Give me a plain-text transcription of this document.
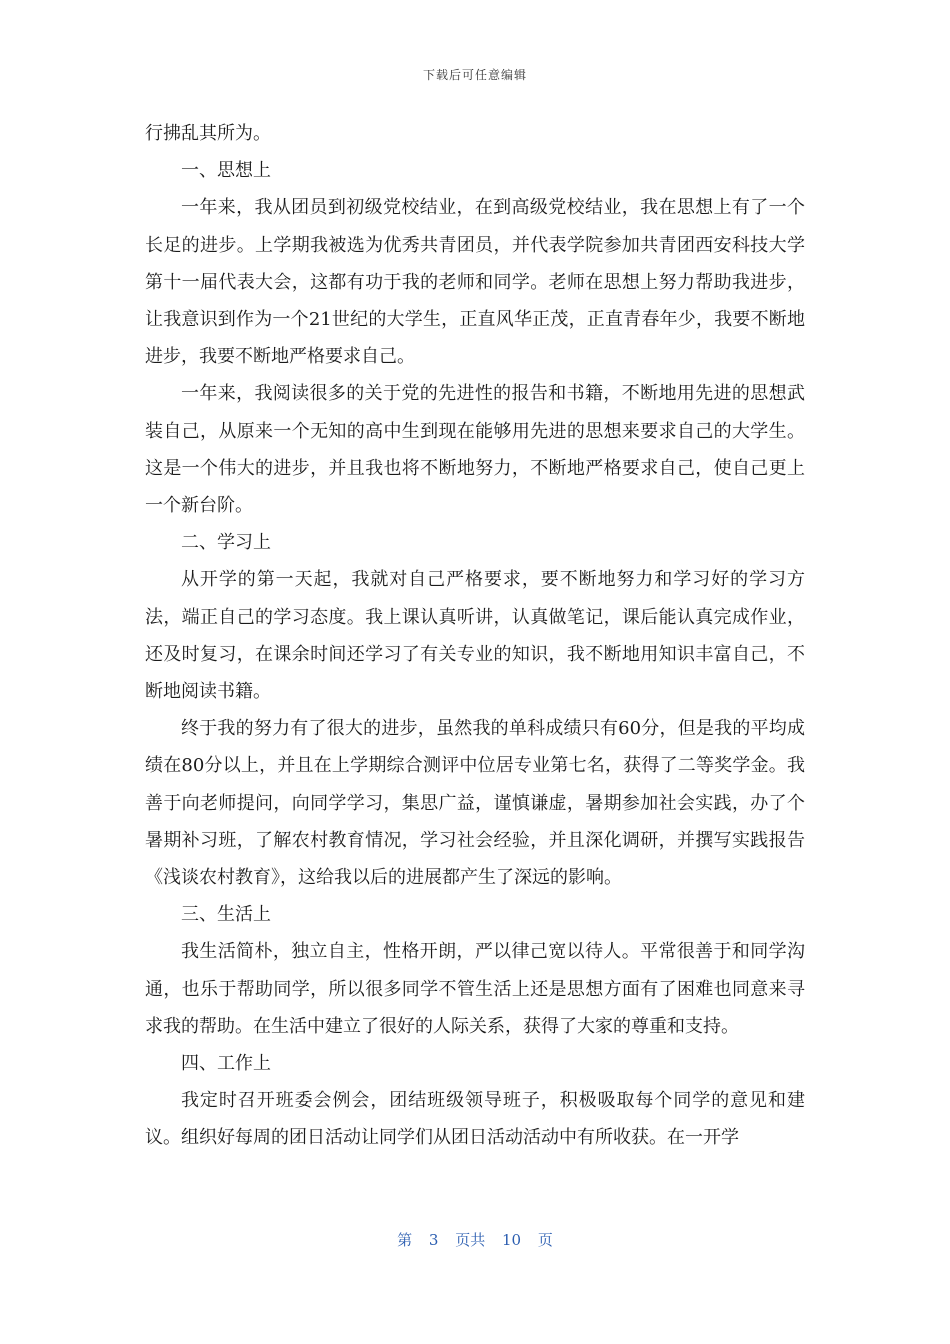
下载后可任意编辑

行拂乱其所为。

一、思想上

一年来，我从团员到初级党校结业，在到高级党校结业，我在思想上有了一个长足的进步。上学期我被选为优秀共青团员，并代表学院参加共青团西安科技大学第十一届代表大会，这都有功于我的老师和同学。老师在思想上努力帮助我进步，让我意识到作为一个21世纪的大学生，正直风华正茂，正直青春年少，我要不断地进步，我要不断地严格要求自己。

一年来，我阅读很多的关于党的先进性的报告和书籍，不断地用先进的思想武装自己，从原来一个无知的高中生到现在能够用先进的思想来要求自己的大学生。这是一个伟大的进步，并且我也将不断地努力，不断地严格要求自己，使自己更上一个新台阶。

二、学习上

从开学的第一天起，我就对自己严格要求，要不断地努力和学习好的学习方法，端正自己的学习态度。我上课认真听讲，认真做笔记，课后能认真完成作业，还及时复习，在课余时间还学习了有关专业的知识，我不断地用知识丰富自己，不断地阅读书籍。

终于我的努力有了很大的进步，虽然我的单科成绩只有60分，但是我的平均成绩在80分以上，并且在上学期综合测评中位居专业第七名，获得了二等奖学金。我善于向老师提问，向同学学习，集思广益，谨慎谦虚，暑期参加社会实践，办了个暑期补习班，了解农村教育情况，学习社会经验，并且深化调研，并撰写实践报告《浅谈农村教育》，这给我以后的进展都产生了深远的影响。

三、生活上

我生活简朴，独立自主，性格开朗，严以律己宽以待人。平常很善于和同学沟通，也乐于帮助同学，所以很多同学不管生活上还是思想方面有了困难也同意来寻求我的帮助。在生活中建立了很好的人际关系，获得了大家的尊重和支持。

四、工作上

我定时召开班委会例会，团结班级领导班子，积极吸取每个同学的意见和建议。组织好每周的团日活动让同学们从团日活动活动中有所收获。在一开学

第 3 页共 10 页
